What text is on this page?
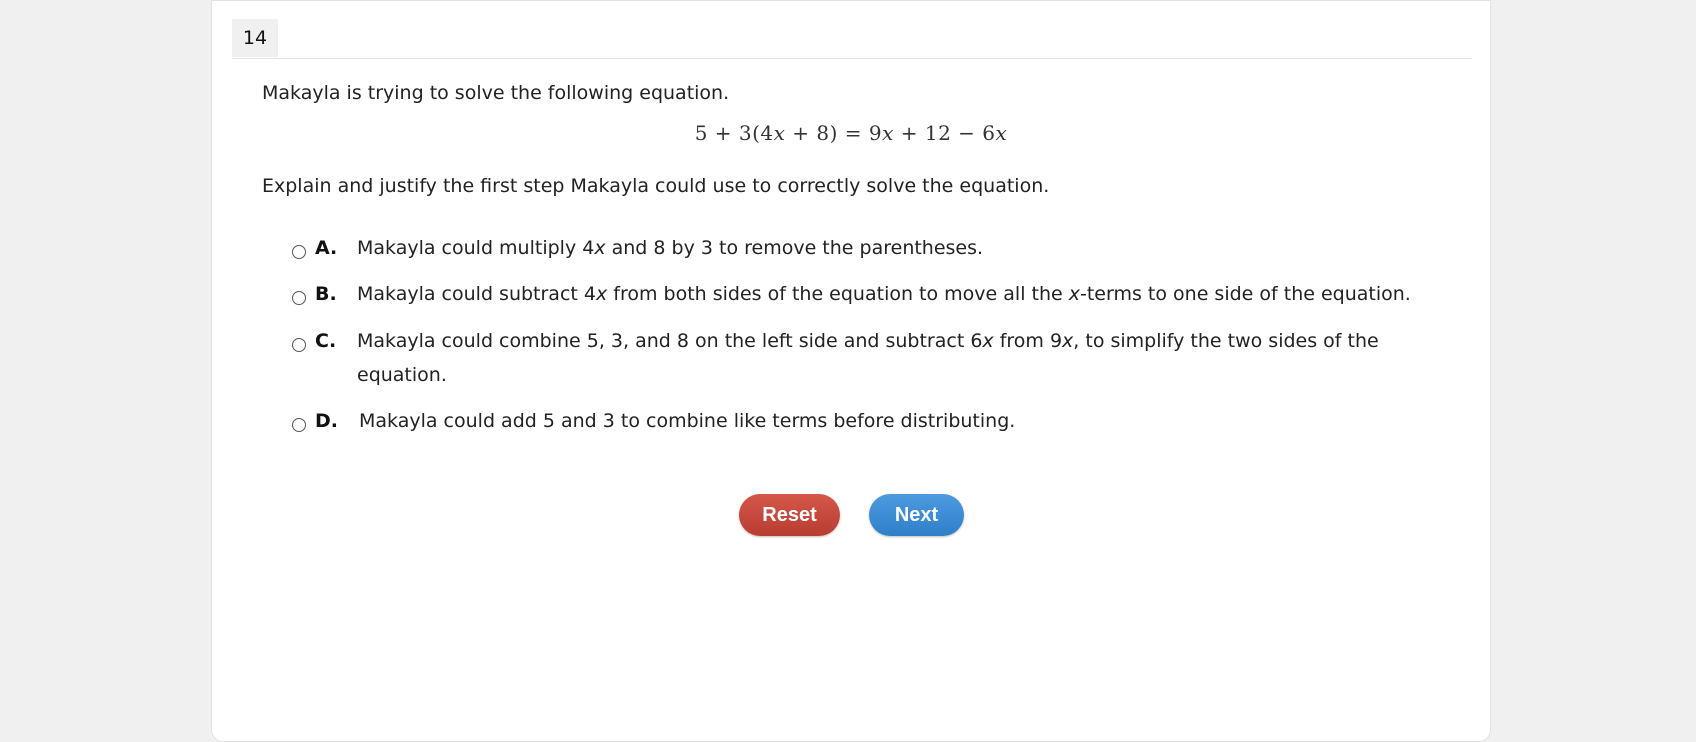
14
Makayla is trying to solve the following equation.
5 + 3(4x + 8) = 9x + 12 − 6x
Explain and justify the first step Makayla could use to correctly solve the equation.
A. Makayla could multiply 4x and 8 by 3 to remove the parentheses.
B. Makayla could subtract 4x from both sides of the equation to move all the x-terms to one side of the equation.
C. Makayla could combine 5, 3, and 8 on the left side and subtract 6x from 9x, to simplify the two sides of the equation.
D. Makayla could add 5 and 3 to combine like terms before distributing.
Reset	Next
